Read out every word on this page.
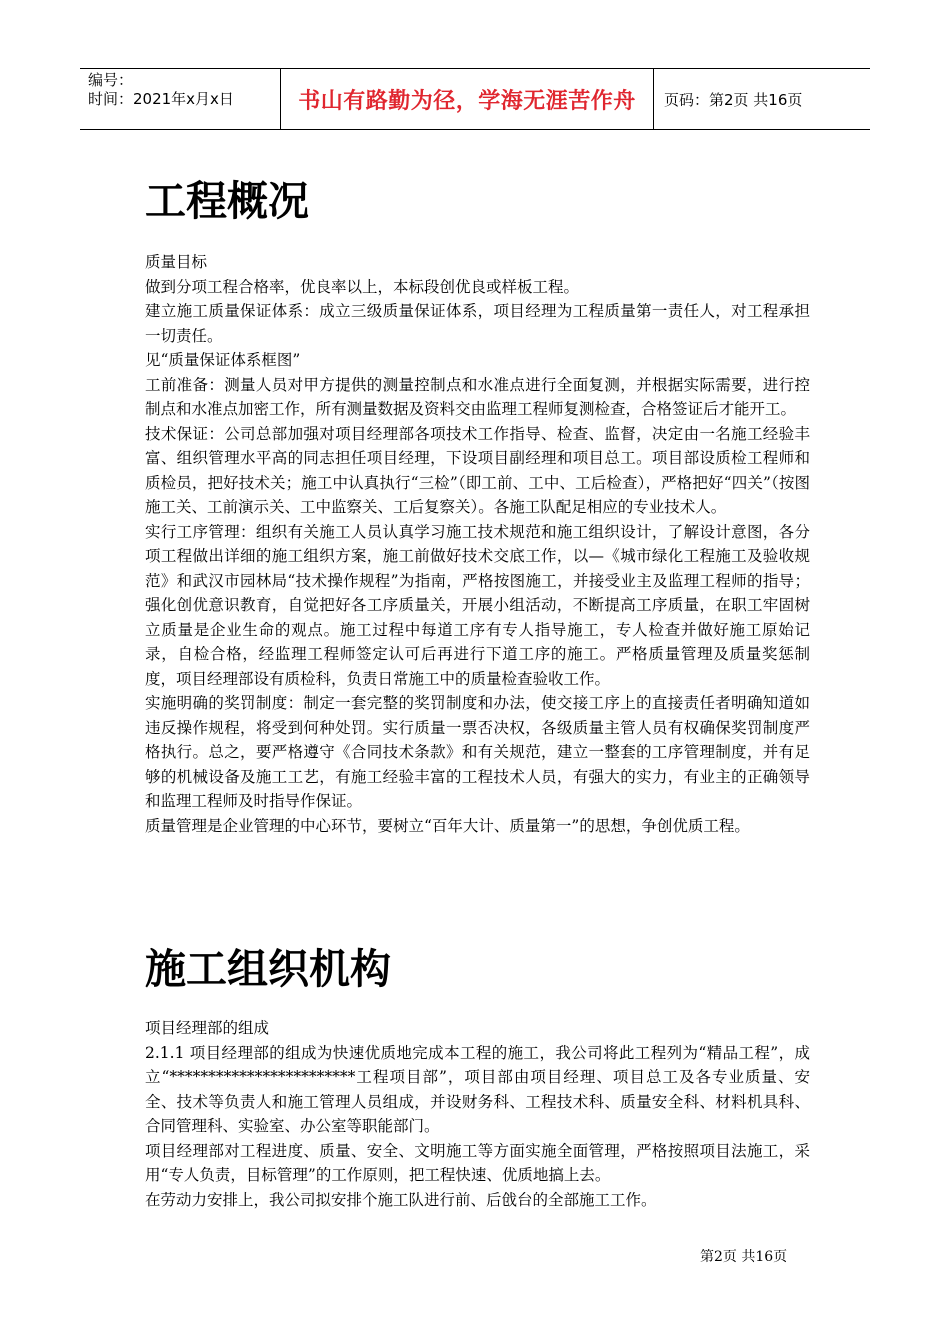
编号：
时间：2021年x月x日	书山有路勤为径，学海无涯苦作舟	页码：第2页 共16页
工程概况

质量目标

做到分项工程合格率，优良率以上，本标段创优良或样板工程。

建立施工质量保证体系：成立三级质量保证体系，项目经理为工程质量第一责任人，对工程承担一切责任。

见“质量保证体系框图”

工前准备：测量人员对甲方提供的测量控制点和水准点进行全面复测，并根据实际需要，进行控制点和水准点加密工作，所有测量数据及资料交由监理工程师复测检查，合格签证后才能开工。

技术保证：公司总部加强对项目经理部各项技术工作指导、检查、监督，决定由一名施工经验丰富、组织管理水平高的同志担任项目经理，下设项目副经理和项目总工。项目部设质检工程师和质检员，把好技术关；施工中认真执行“三检”（即工前、工中、工后检查），严格把好“四关”（按图施工关、工前演示关、工中监察关、工后复察关）。各施工队配足相应的专业技术人。

实行工序管理：组织有关施工人员认真学习施工技术规范和施工组织设计，了解设计意图，各分项工程做出详细的施工组织方案，施工前做好技术交底工作，以—《城市绿化工程施工及验收规范》和武汉市园林局“技术操作规程”为指南，严格按图施工，并接受业主及监理工程师的指导；强化创优意识教育，自觉把好各工序质量关，开展小组活动，不断提高工序质量，在职工牢固树立质量是企业生命的观点。施工过程中每道工序有专人指导施工，专人检查并做好施工原始记录，自检合格，经监理工程师签定认可后再进行下道工序的施工。严格质量管理及质量奖惩制度，项目经理部设有质检科，负责日常施工中的质量检查验收工作。

实施明确的奖罚制度：制定一套完整的奖罚制度和办法，使交接工序上的直接责任者明确知道如违反操作规程，将受到何种处罚。实行质量一票否决权，各级质量主管人员有权确保奖罚制度严格执行。总之，要严格遵守《合同技术条款》和有关规范，建立一整套的工序管理制度，并有足够的机械设备及施工工艺，有施工经验丰富的工程技术人员，有强大的实力，有业主的正确领导和监理工程师及时指导作保证。

质量管理是企业管理的中心环节，要树立“百年大计、质量第一”的思想，争创优质工程。

施工组织机构

项目经理部的组成

2.1.1 项目经理部的组成为快速优质地完成本工程的施工，我公司将此工程列为“精品工程”，成立“************************工程项目部”，项目部由项目经理、项目总工及各专业质量、安全、技术等负责人和施工管理人员组成，并设财务科、工程技术科、质量安全科、材料机具科、合同管理科、实验室、办公室等职能部门。

项目经理部对工程进度、质量、安全、文明施工等方面实施全面管理，严格按照项目法施工，采用“专人负责，目标管理”的工作原则，把工程快速、优质地搞上去。

在劳动力安排上，我公司拟安排个施工队进行前、后戗台的全部施工工作。

第2页 共16页
